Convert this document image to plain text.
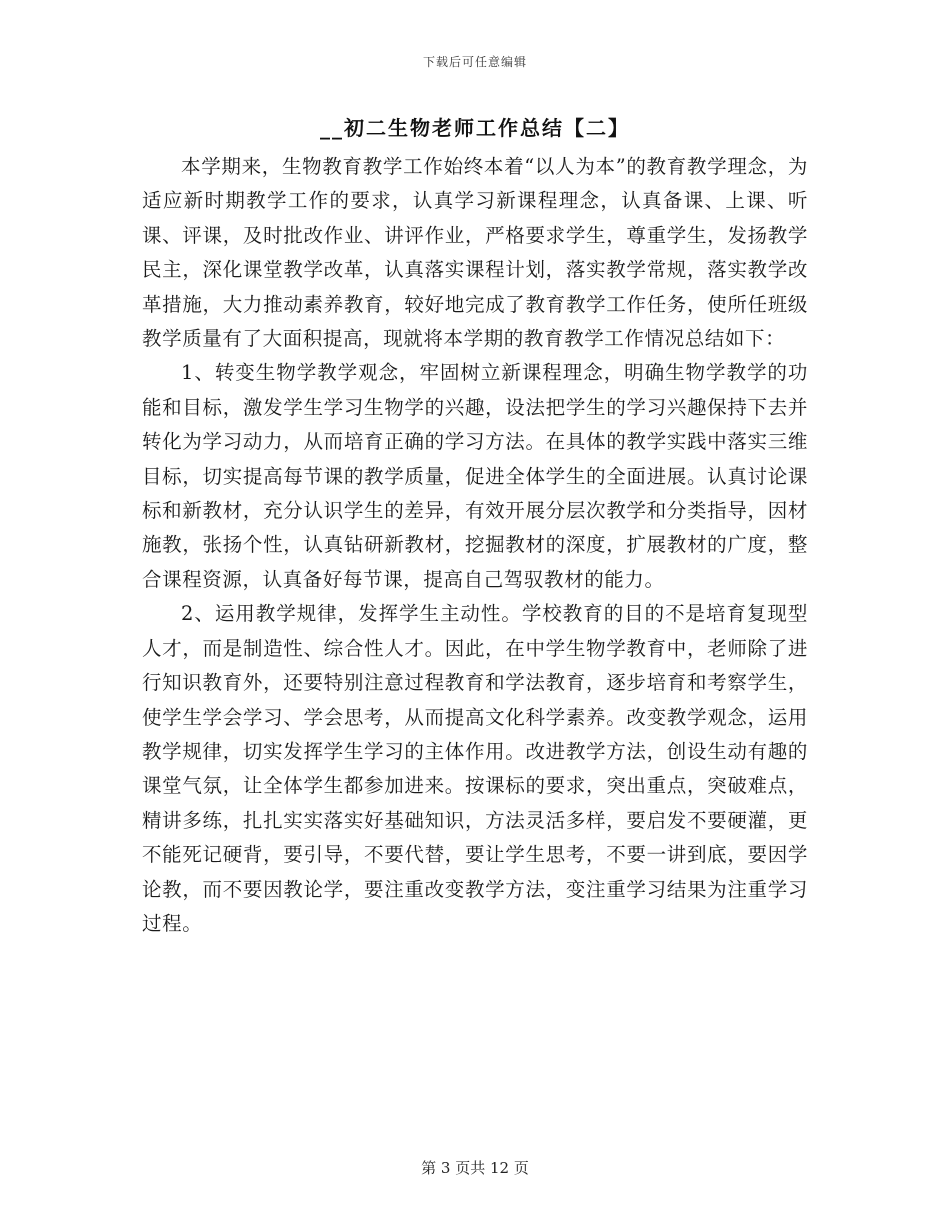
下载后可任意编辑
__初二生物老师工作总结【二】

本学期来，生物教育教学工作始终本着“以人为本”的教育教学理念，为适应新时期教学工作的要求，认真学习新课程理念，认真备课、上课、听课、评课，及时批改作业、讲评作业，严格要求学生，尊重学生，发扬教学民主，深化课堂教学改革，认真落实课程计划，落实教学常规，落实教学改革措施，大力推动素养教育，较好地完成了教育教学工作任务，使所任班级教学质量有了大面积提高，现就将本学期的教育教学工作情况总结如下：

1、转变生物学教学观念，牢固树立新课程理念，明确生物学教学的功能和目标，激发学生学习生物学的兴趣，设法把学生的学习兴趣保持下去并转化为学习动力，从而培育正确的学习方法。在具体的教学实践中落实三维目标，切实提高每节课的教学质量，促进全体学生的全面进展。认真讨论课标和新教材，充分认识学生的差异，有效开展分层次教学和分类指导，因材施教，张扬个性，认真钻研新教材，挖掘教材的深度，扩展教材的广度，整合课程资源，认真备好每节课，提高自己驾驭教材的能力。

2、运用教学规律，发挥学生主动性。学校教育的目的不是培育复现型人才，而是制造性、综合性人才。因此，在中学生物学教育中，老师除了进行知识教育外，还要特别注意过程教育和学法教育，逐步培育和考察学生，使学生学会学习、学会思考，从而提高文化科学素养。改变教学观念，运用教学规律，切实发挥学生学习的主体作用。改进教学方法，创设生动有趣的课堂气氛，让全体学生都参加进来。按课标的要求，突出重点，突破难点，精讲多练，扎扎实实落实好基础知识，方法灵活多样，要启发不要硬灌，更不能死记硬背，要引导，不要代替，要让学生思考，不要一讲到底，要因学论教，而不要因教论学，要注重改变教学方法，变注重学习结果为注重学习过程。

第 3 页共 12 页
